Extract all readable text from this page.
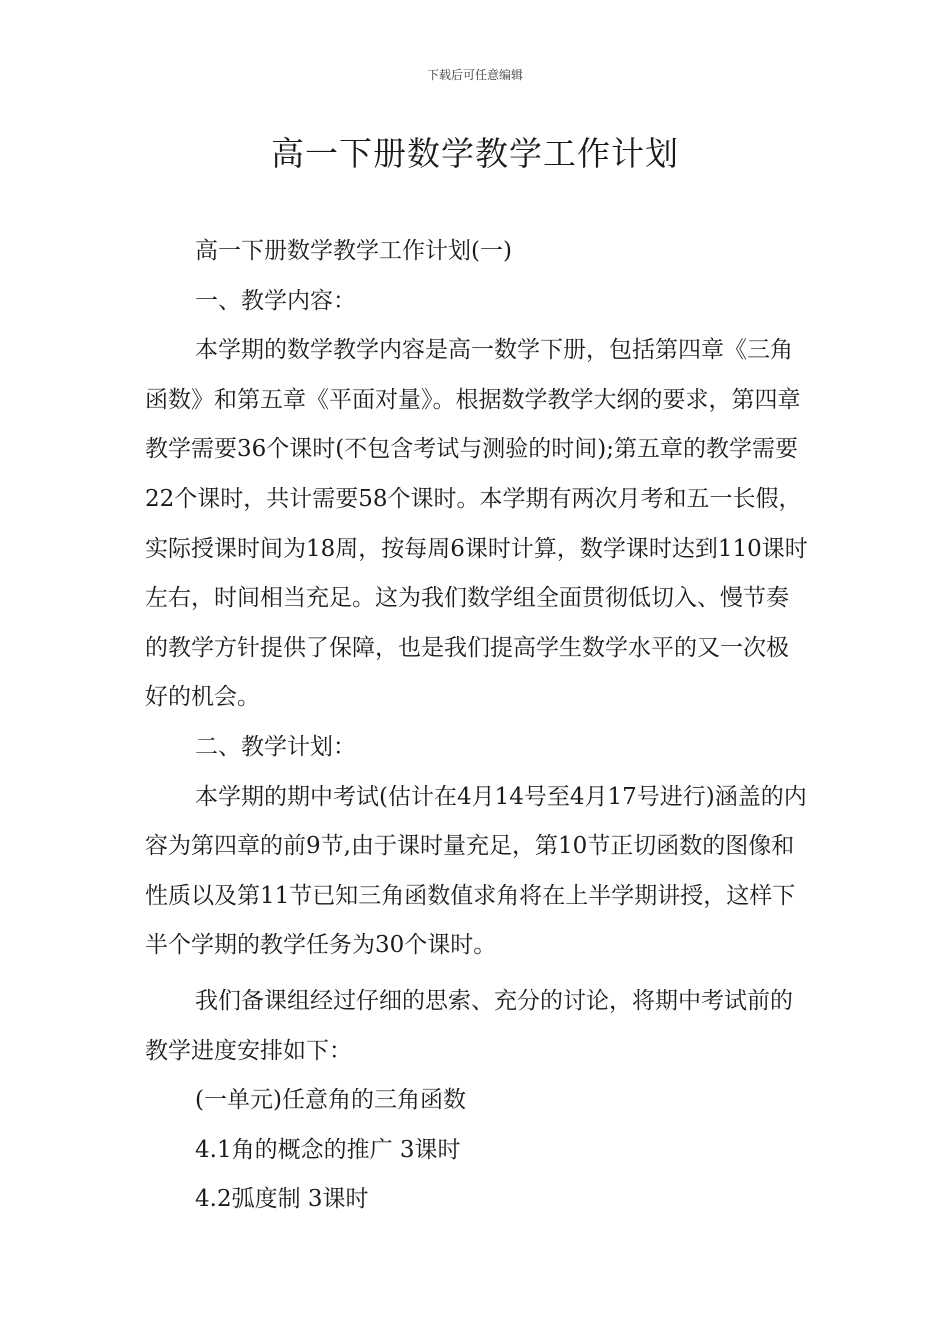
下载后可任意编辑
高一下册数学教学工作计划

高一下册数学教学工作计划(一)

一、教学内容：

本学期的数学教学内容是高一数学下册，包括第四章《三角函数》和第五章《平面对量》。根据数学教学大纲的要求，第四章教学需要36个课时(不包含考试与测验的时间);第五章的教学需要22个课时，共计需要58个课时。本学期有两次月考和五一长假，实际授课时间为18周，按每周6课时计算，数学课时达到110课时左右，时间相当充足。这为我们数学组全面贯彻低切入、慢节奏的教学方针提供了保障，也是我们提高学生数学水平的又一次极好的机会。

二、教学计划：

本学期的期中考试(估计在4月14号至4月17号进行)涵盖的内容为第四章的前9节,由于课时量充足，第10节正切函数的图像和性质以及第11节已知三角函数值求角将在上半学期讲授，这样下半个学期的教学任务为30个课时。

我们备课组经过仔细的思索、充分的讨论，将期中考试前的教学进度安排如下：

(一单元)任意角的三角函数

4.1角的概念的推广 3课时

4.2弧度制 3课时
